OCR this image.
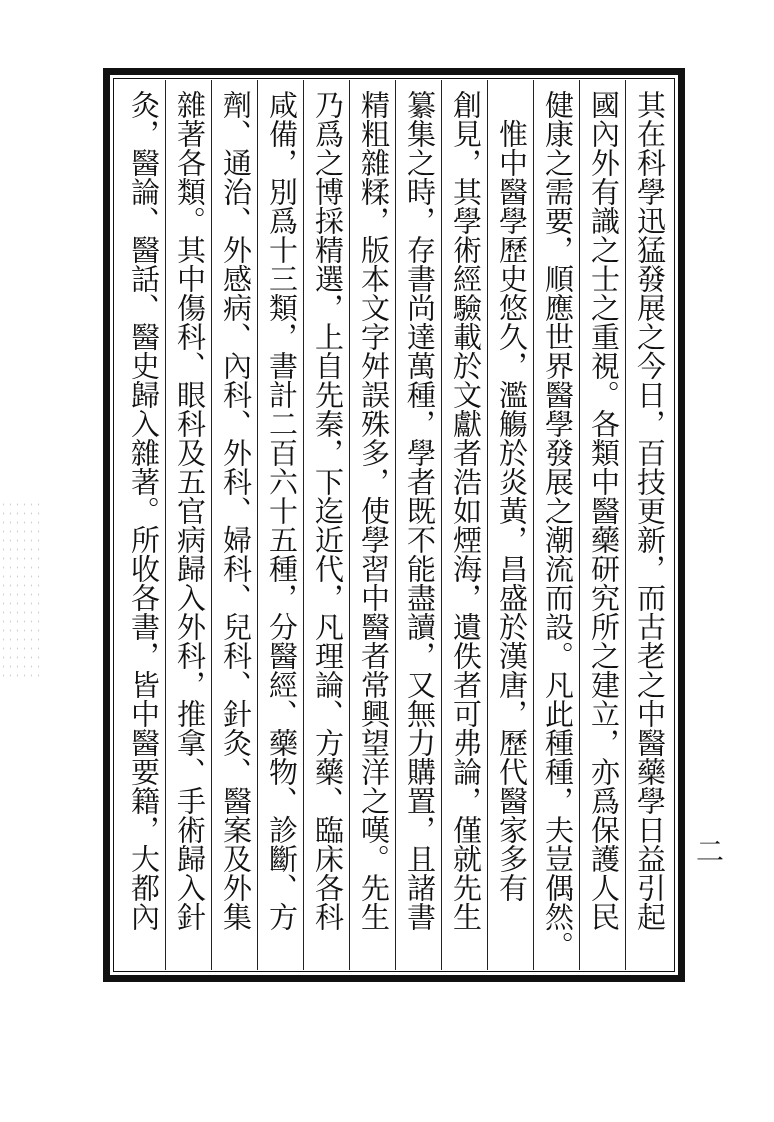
其在科學迅猛發展之今日，百技更新，而古老之中醫藥學日益引起
國內外有識之士之重視。各類中醫藥研究所之建立，亦爲保護人民
健康之需要，順應世界醫學發展之潮流而設。凡此種種，夫豈偶然。
　惟中醫學歷史悠久，濫觴於炎黃，昌盛於漢唐，歷代醫家多有
創見，其學術經驗載於文獻者浩如煙海，遺佚者可弗論，僅就先生
纂集之時，存書尚達萬種，學者既不能盡讀，又無力購置，且諸書
精粗雜糅，版本文字舛誤殊多，使學習中醫者常興望洋之嘆。先生
乃爲之博採精選，上自先秦，下迄近代，凡理論、方藥、臨床各科
咸備，別爲十三類，書計二百六十五種，分醫經、藥物、診斷、方
劑、通治、外感病、內科、外科、婦科、兒科、針灸、醫案及外集
雜著各類。其中傷科、眼科及五官病歸入外科，推拿、手術歸入針
灸，醫論、醫話、醫史歸入雜著。所收各書，皆中醫要籍，大都內	二
